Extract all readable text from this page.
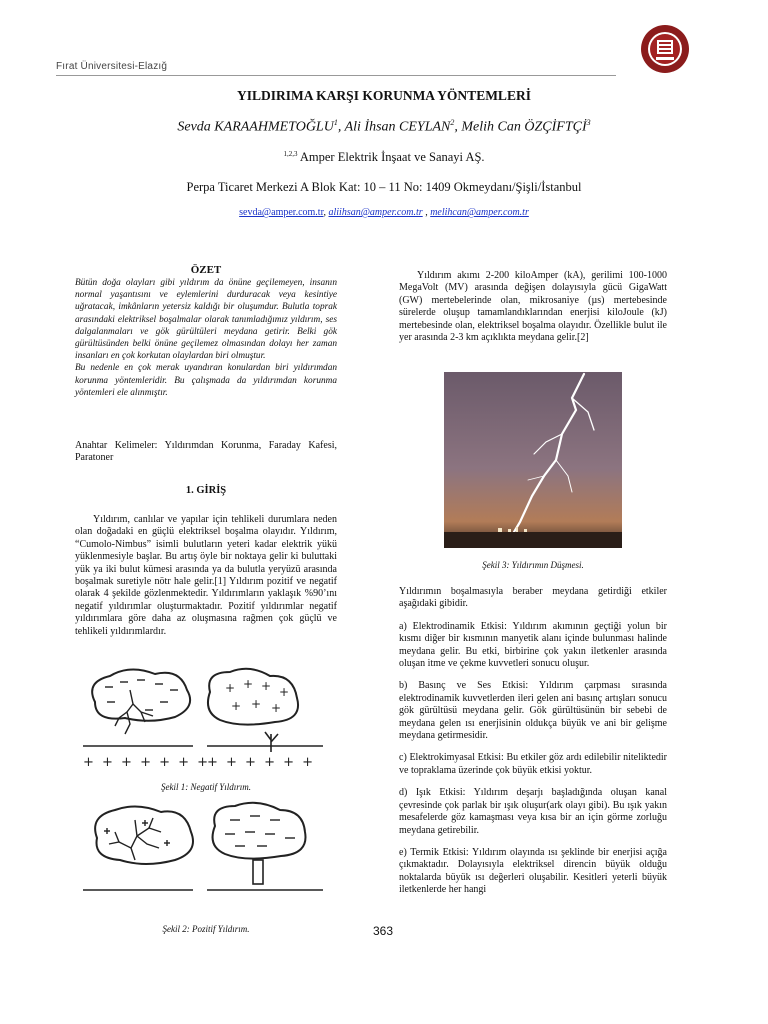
Fırat Üniversitesi-Elazığ
YILDIRIMA KARŞI KORUNMA YÖNTEMLERİ
Sevda KARAAHMETOĞLU$^1$, Ali İhsan CEYLAN$^2$, Melih Can ÖZÇİFTÇİ$^3$
$^{1,2,3}$ Amper Elektrik İnşaat ve Sanayi AŞ.
Perpa Ticaret Merkezi A Blok Kat: 10 – 11 No: 1409 Okmeydanı/Şişli/İstanbul
sevda@amper.com.tr, aliihsan@amper.com.tr , melihcan@amper.com.tr
ÖZET

Bütün doğa olayları gibi yıldırım da önüne geçilemeyen, insanın normal yaşantısını ve eylemlerini durduracak veya kesintiye uğratacak, imkânların yetersiz kaldığı bir oluşumdur. Bulutla toprak arasındaki elektriksel boşalmalar olarak tanımladığımız yıldırım, ses dalgalanmaları ve gök gürültüleri meydana getirir. Belki gök gürültüsünden belki önüne geçilemez olmasından dolayı her zaman insanları en çok korkutan olaylardan biri olmuştur.

Bu nedenle en çok merak uyandıran konulardan biri yıldırımdan korunma yöntemleridir. Bu çalışmada da yıldırımdan korunma yöntemleri ele alınmıştır.

Anahtar Kelimeler: Yıldırımdan Korunma, Faraday Kafesi, Paratoner

1. GİRİŞ

Yıldırım, canlılar ve yapılar için tehlikeli durumlara neden olan doğadaki en güçlü elektriksel boşalma olayıdır. Yıldırım, “Cumolo-Nimbus” isimli bulutların yeteri kadar elektrik yükü yüklenmesiyle başlar. Bu artış öyle bir noktaya gelir ki buluttaki yük ya iki bulut kümesi arasında ya da bulutla yeryüzü arasında boşalmak suretiyle nötr hale gelir.[1] Yıldırım pozitif ve negatif olarak 4 şekilde gözlenmektedir. Yıldırımların yaklaşık %90’ını negatif yıldırımlar oluşturmaktadır. Pozitif yıldırımlar negatif yıldırımlara göre daha az oluşmasına rağmen çok güçlü ve tehlikeli yıldırımlardır.

+ + + +
+ + +
+ + + + + + +
+ + + + + +
Şekil 1: Negatif Yıldırım.
Şekil 2: Pozitif Yıldırım.

Yıldırım akımı 2-200 kiloAmper (kA), gerilimi 100-1000 MegaVolt (MV) arasında değişen dolayısıyla gücü GigaWatt (GW) mertebelerinde olan, mikrosaniye (µs) mertebesinde sürelerde oluşup tamamlandıklarından enerjisi kiloJoule (kJ) mertebesinde olan, elektriksel boşalma olayıdır. Özellikle bulut ile yer arasında 2-3 km açıklıkta meydana gelir.[2]

Şekil 3: Yıldırımın Düşmesi.

Yıldırımın boşalmasıyla beraber meydana getirdiği etkiler aşağıdaki gibidir.

a) Elektrodinamik Etkisi: Yıldırım akımının geçtiği yolun bir kısmı diğer bir kısmının manyetik alanı içinde bulunması halinde meydana gelir. Bu etki, birbirine çok yakın iletkenler arasında oluşan itme ve çekme kuvvetleri sonucu oluşur.

b) Basınç ve Ses Etkisi: Yıldırım çarpması sırasında elektrodinamik kuvvetlerden ileri gelen ani basınç artışları sonucu gök gürültüsü meydana gelir. Gök gürültüsünün bir sebebi de meydana gelen ısı enerjisinin oldukça büyük ve ani bir gelişme meydana getirmesidir.

c) Elektrokimyasal Etkisi: Bu etkiler göz ardı edilebilir niteliktedir ve topraklama üzerinde çok büyük etkisi yoktur.

d) Işık Etkisi: Yıldırım deşarjı başladığında oluşan kanal çevresinde çok parlak bir ışık oluşur(ark olayı gibi). Bu ışık yakın mesafelerde göz kamaşması veya kısa bir an için görme zorluğu meydana getirebilir.

e) Termik Etkisi: Yıldırım olayında ısı şeklinde bir enerjisi açığa çıkmaktadır. Dolayısıyla elektriksel direncin büyük olduğu noktalarda büyük ısı değerleri oluşabilir. Kesitleri yeterli büyük iletkenlerde her hangi

363
